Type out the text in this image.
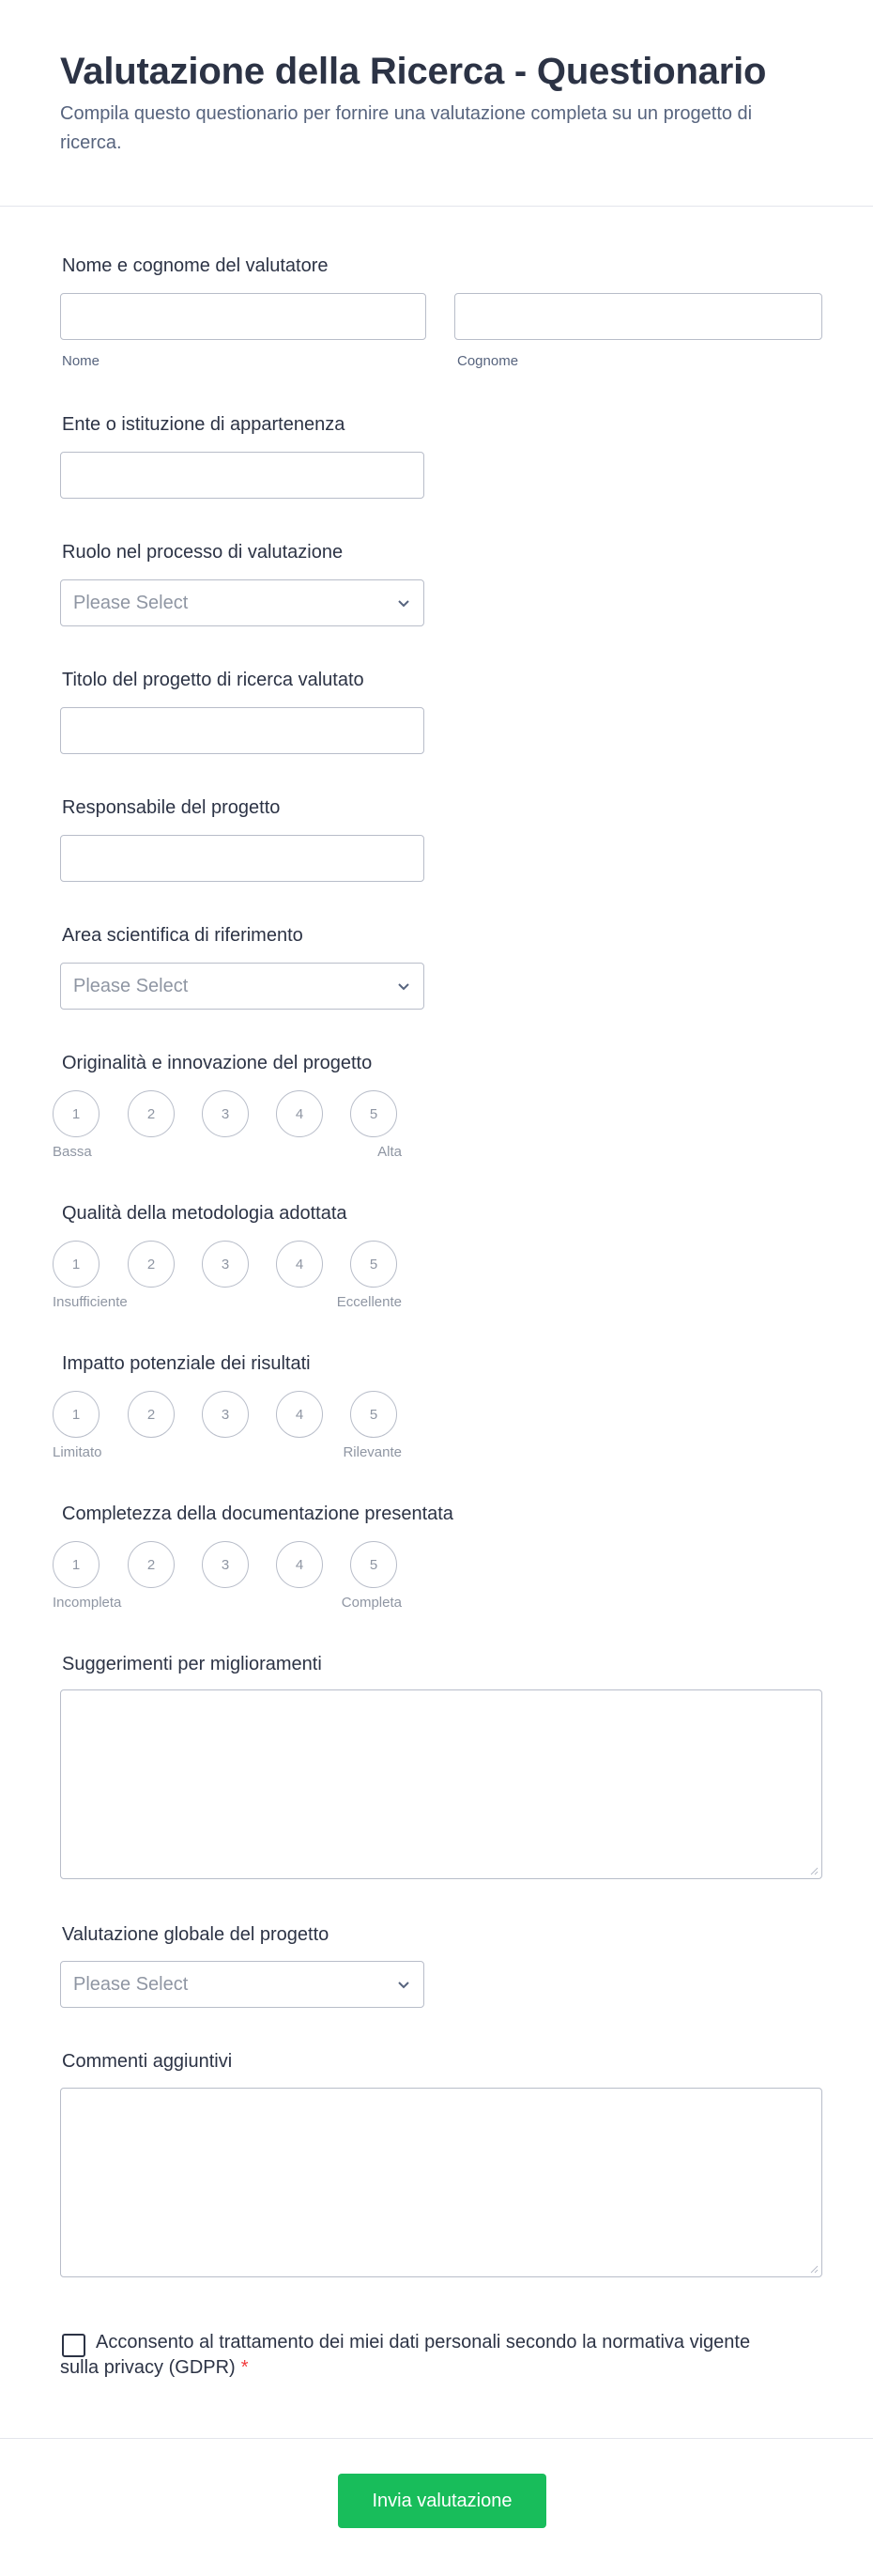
Valutazione della Ricerca - Questionario

Compila questo questionario per fornire una valutazione completa su un progetto di ricerca.

Nome e cognome del valutatore
Nome	Cognome
Ente o istituzione di appartenenza
Ruolo nel processo di valutazione
Please Select
Titolo del progetto di ricerca valutato
Responsabile del progetto
Area scientifica di riferimento
Please Select
Originalità e innovazione del progetto
1	2	3	4	5
Bassa	Alta
Qualità della metodologia adottata
1	2	3	4	5
Insufficiente	Eccellente
Impatto potenziale dei risultati
1	2	3	4	5
Limitato	Rilevante
Completezza della documentazione presentata
1	2	3	4	5
Incompleta	Completa
Suggerimenti per miglioramenti
Valutazione globale del progetto
Please Select
Commenti aggiuntivi
Acconsento al trattamento dei miei dati personali secondo la normativa vigente sulla privacy (GDPR) *
Invia valutazione
